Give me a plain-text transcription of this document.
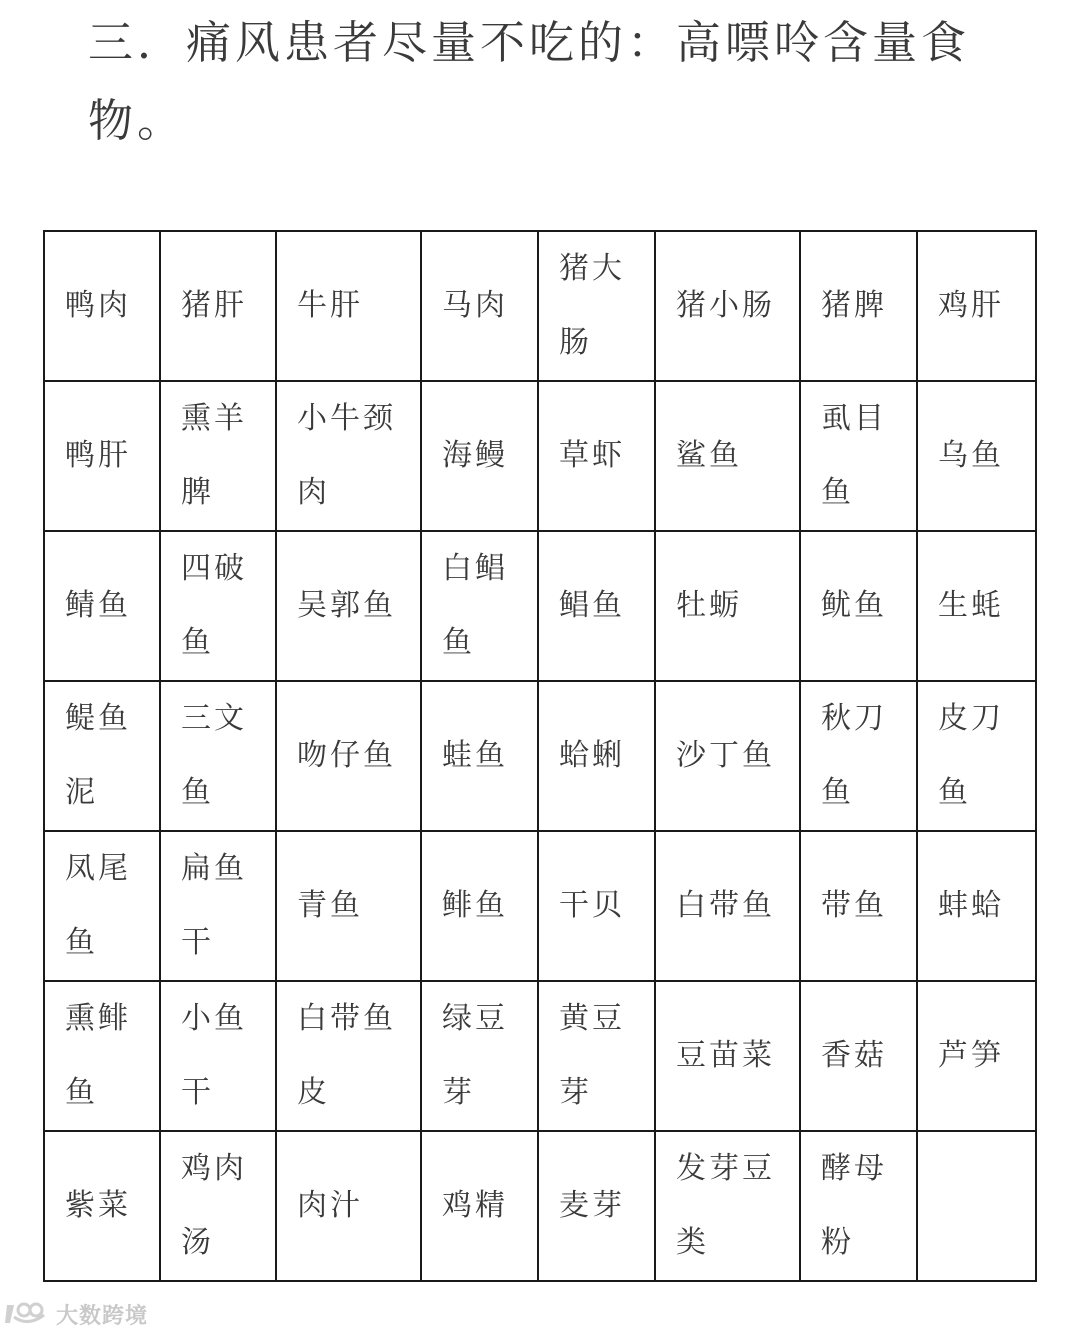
三．痛风患者尽量不吃的：高嘌呤含量食物。
鸭肉	猪肝	牛肝	马肉	猪大肠	猪小肠	猪脾	鸡肝
鸭肝	熏羊脾	小牛颈肉	海鳗	草虾	鲨鱼	虱目鱼	乌鱼
鲭鱼	四破鱼	吴郭鱼	白鲳鱼	鲳鱼	牡蛎	鱿鱼	生蚝
鳀鱼泥	三文鱼	吻仔鱼	蛙鱼	蛤蜊	沙丁鱼	秋刀鱼	皮刀鱼
凤尾鱼	扁鱼干	青鱼	鲱鱼	干贝	白带鱼	带鱼	蚌蛤
熏鲱鱼	小鱼干	白带鱼皮	绿豆芽	黄豆芽	豆苗菜	香菇	芦笋
紫菜	鸡肉汤	肉汁	鸡精	麦芽	发芽豆类	酵母粉	
大数跨境
